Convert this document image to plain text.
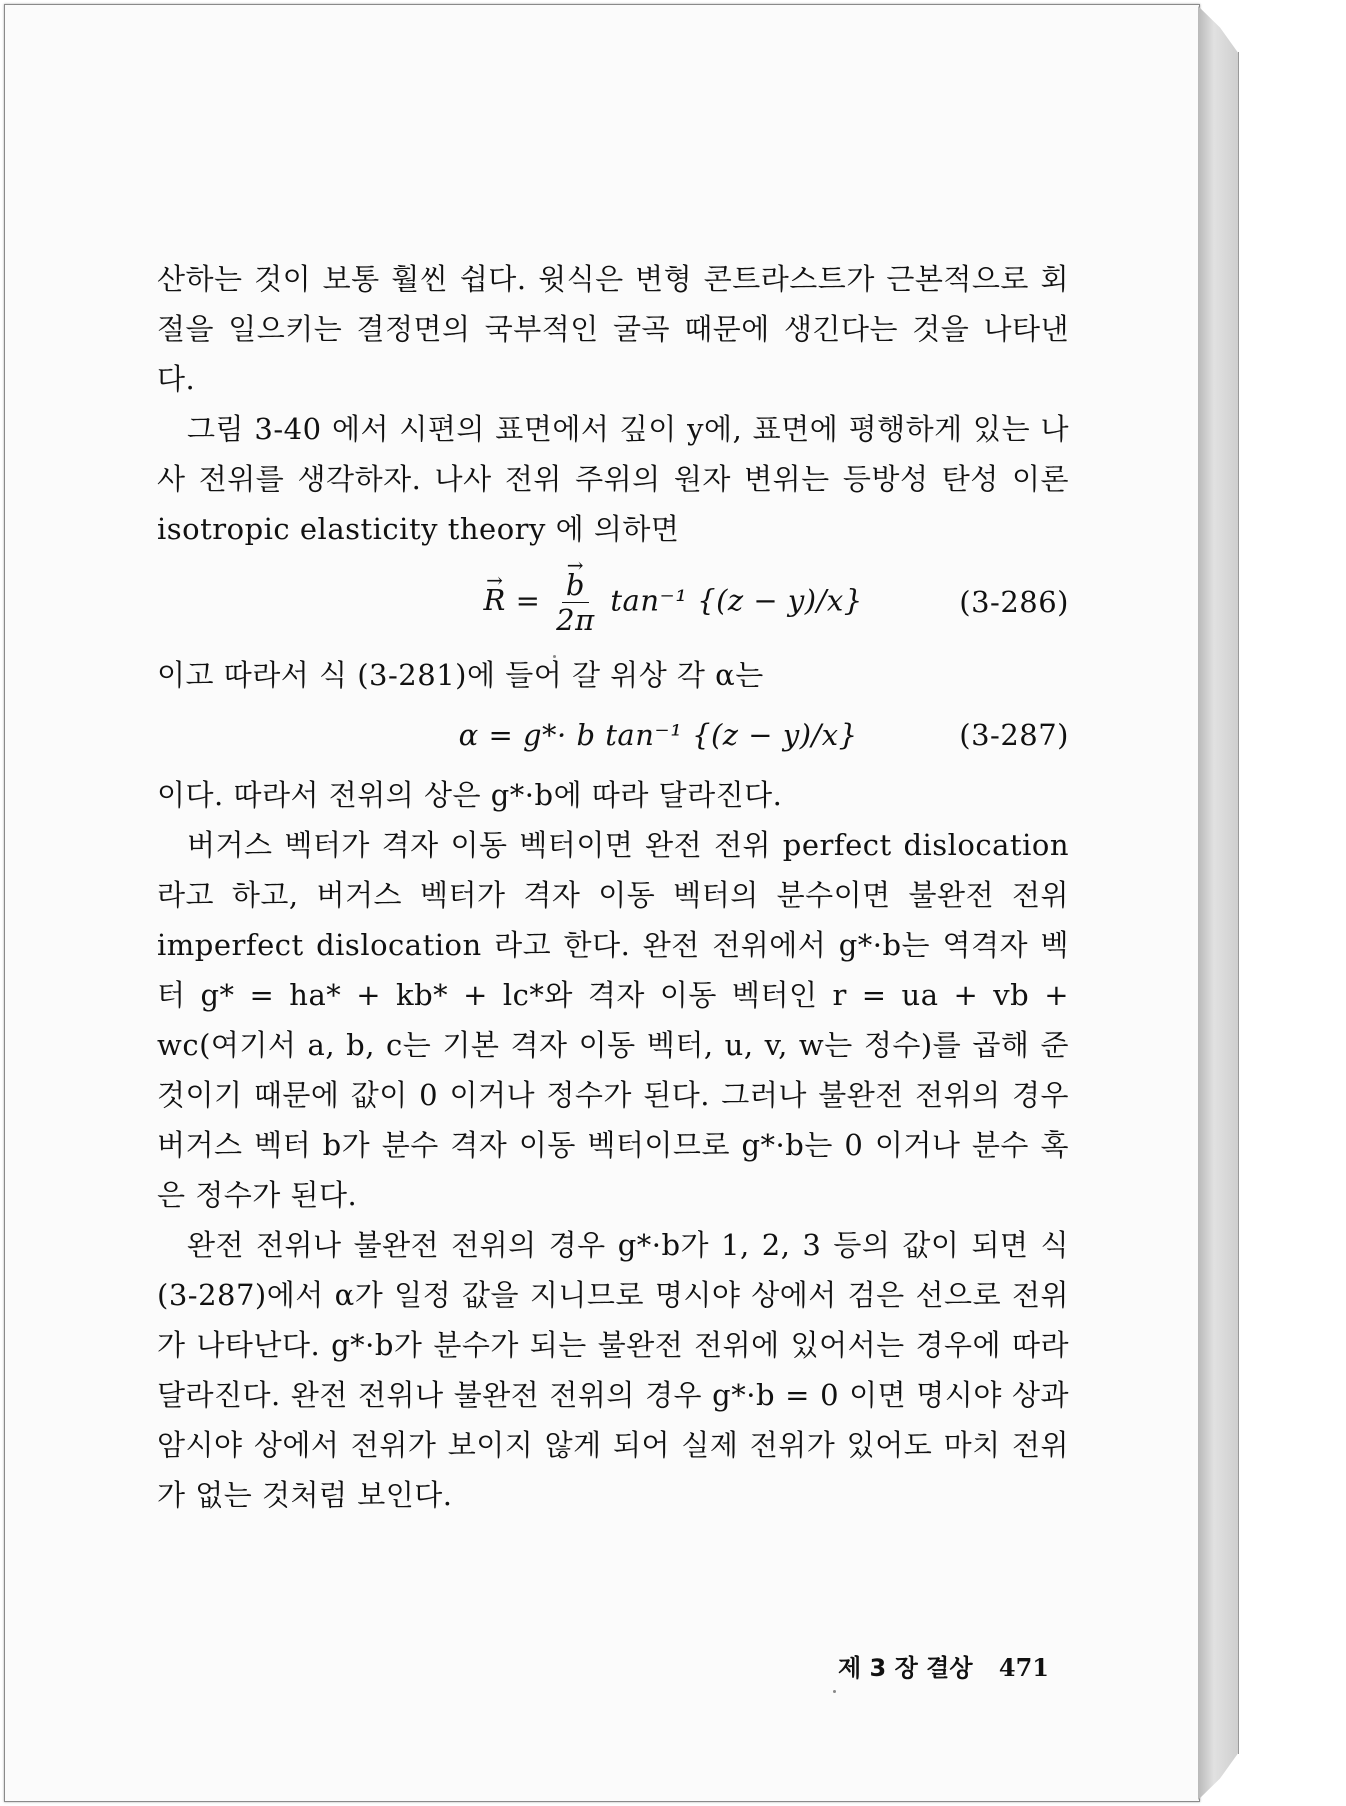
산하는 것이 보통 훨씬 쉽다. 윗식은 변형 콘트라스트가 근본적으로 회절을 일으키는 결정면의 국부적인 굴곡 때문에 생긴다는 것을 나타낸다.

그림 3-40 에서 시편의 표면에서 깊이 y에, 표면에 평행하게 있는 나사 전위를 생각하자. 나사 전위 주위의 원자 변위는 등방성 탄성 이론 isotropic elasticity theory 에 의하면

→ R =
→ $\frac{b}{2\pi} \tan^{-1}$ {(z − y)/x}	(3-286)

이고 따라서 식 (3-281)에 들어 갈 위상 각 α는

α = g*· b tan⁻¹ {(z − y)/x}	(3-287)

이다. 따라서 전위의 상은 g*·b에 따라 달라진다.

버거스 벡터가 격자 이동 벡터이면 완전 전위 perfect dislocation 라고 하고, 버거스 벡터가 격자 이동 벡터의 분수이면 불완전 전위 imperfect dislocation 라고 한다. 완전 전위에서 g*·b는 역격자 벡터 g* = ha* + kb* + lc*와 격자 이동 벡터인 r = ua + vb + wc(여기서 a, b, c는 기본 격자 이동 벡터, u, v, w는 정수)를 곱해 준 것이기 때문에 값이 0 이거나 정수가 된다. 그러나 불완전 전위의 경우 버거스 벡터 b가 분수 격자 이동 벡터이므로 g*·b는 0 이거나 분수 혹은 정수가 된다.

완전 전위나 불완전 전위의 경우 g*·b가 1, 2, 3 등의 값이 되면 식 (3-287)에서 α가 일정 값을 지니므로 명시야 상에서 검은 선으로 전위가 나타난다. g*·b가 분수가 되는 불완전 전위에 있어서는 경우에 따라 달라진다. 완전 전위나 불완전 전위의 경우 g*·b = 0 이면 명시야 상과 암시야 상에서 전위가 보이지 않게 되어 실제 전위가 있어도 마치 전위가 없는 것처럼 보인다.

제 3 장 결상 471
